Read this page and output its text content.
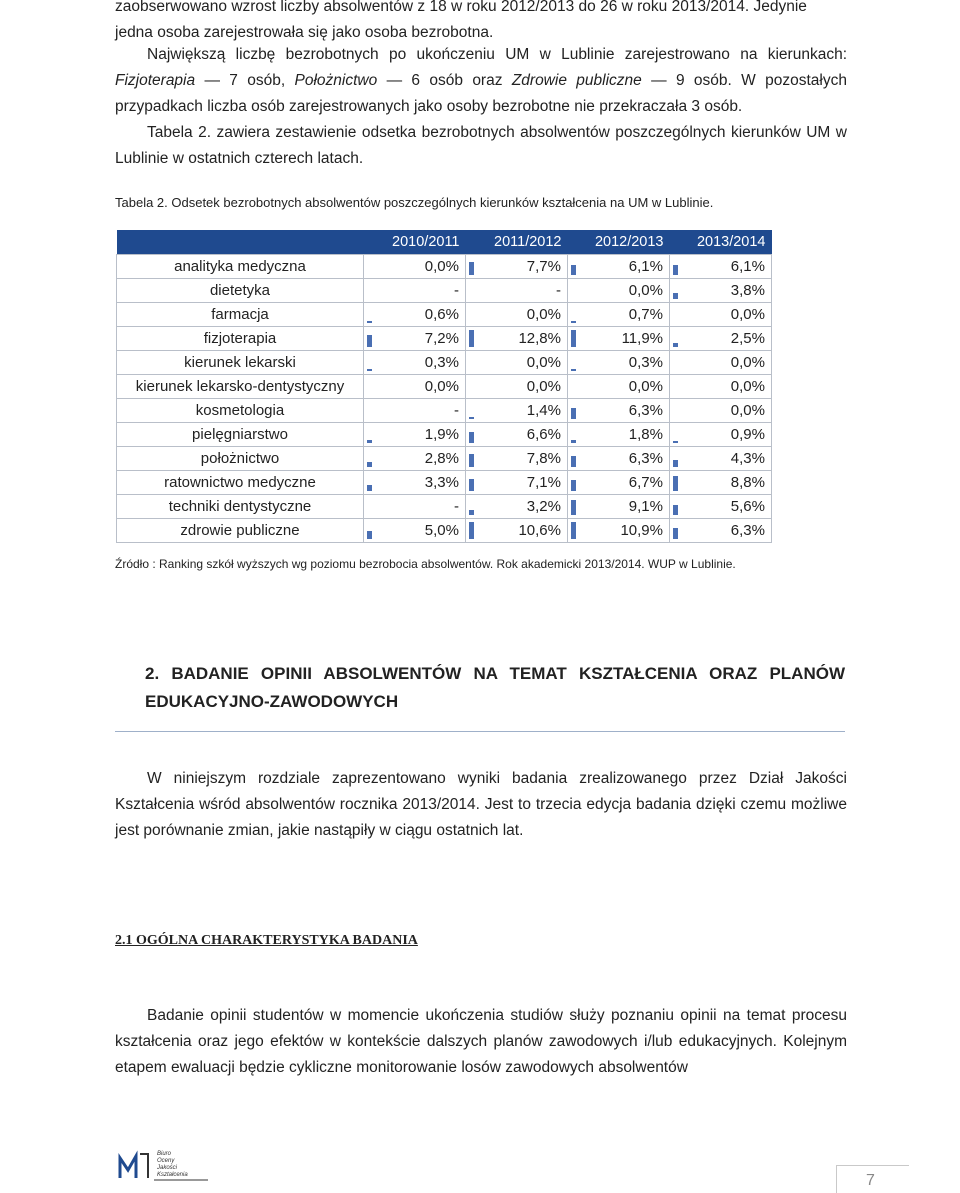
zaobserwowano wzrost liczby absolwentów z 18 w roku 2012/2013 do 26 w roku 2013/2014. Jedynie
jedna osoba zarejestrowała się jako osoba bezrobotna.

Największą liczbę bezrobotnych po ukończeniu UM w Lublinie zarejestrowano na kierunkach: Fizjoterapia — 7 osób, Położnictwo — 6 osób oraz Zdrowie publiczne — 9 osób. W pozostałych przypadkach liczba osób zarejestrowanych jako osoby bezrobotne nie przekraczała 3 osób.

Tabela 2. zawiera zestawienie odsetka bezrobotnych absolwentów poszczególnych kierunków UM w Lublinie w ostatnich czterech latach.

Tabela 2. Odsetek bezrobotnych absolwentów poszczególnych kierunków kształcenia na UM w Lublinie.

	2010/2011	2011/2012	2012/2013	2013/2014
analityka medyczna	0,0%	7,7%	6,1%	6,1%
dietetyka	-	-	0,0%	3,8%
farmacja	0,6%	0,0%	0,7%	0,0%
fizjoterapia	7,2%	12,8%	11,9%	2,5%
kierunek lekarski	0,3%	0,0%	0,3%	0,0%
kierunek lekarsko-dentystyczny	0,0%	0,0%	0,0%	0,0%
kosmetologia	-	1,4%	6,3%	0,0%
pielęgniarstwo	1,9%	6,6%	1,8%	0,9%
położnictwo	2,8%	7,8%	6,3%	4,3%
ratownictwo medyczne	3,3%	7,1%	6,7%	8,8%
techniki dentystyczne	-	3,2%	9,1%	5,6%
zdrowie publiczne	5,0%	10,6%	10,9%	6,3%

Źródło : Ranking szkół wyższych wg poziomu bezrobocia absolwentów. Rok akademicki 2013/2014. WUP w Lublinie.

2. BADANIE OPINII ABSOLWENTÓW NA TEMAT KSZTAŁCENIA ORAZ PLANÓW EDUKACYJNO-ZAWODOWYCH

W niniejszym rozdziale zaprezentowano wyniki badania zrealizowanego przez Dział Jakości Kształcenia wśród absolwentów rocznika 2013/2014. Jest to trzecia edycja badania dzięki czemu możliwe jest porównanie zmian, jakie nastąpiły w ciągu ostatnich lat.

2.1 OGÓLNA CHARAKTERYSTYKA BADANIA

Badanie opinii studentów w momencie ukończenia studiów służy poznaniu opinii na temat procesu kształcenia oraz jego efektów w kontekście dalszych planów zawodowych i/lub edukacyjnych. Kolejnym etapem ewaluacji będzie cykliczne monitorowanie losów zawodowych absolwentów

Biuro
Oceny
Jakości
Kształcenia	7
